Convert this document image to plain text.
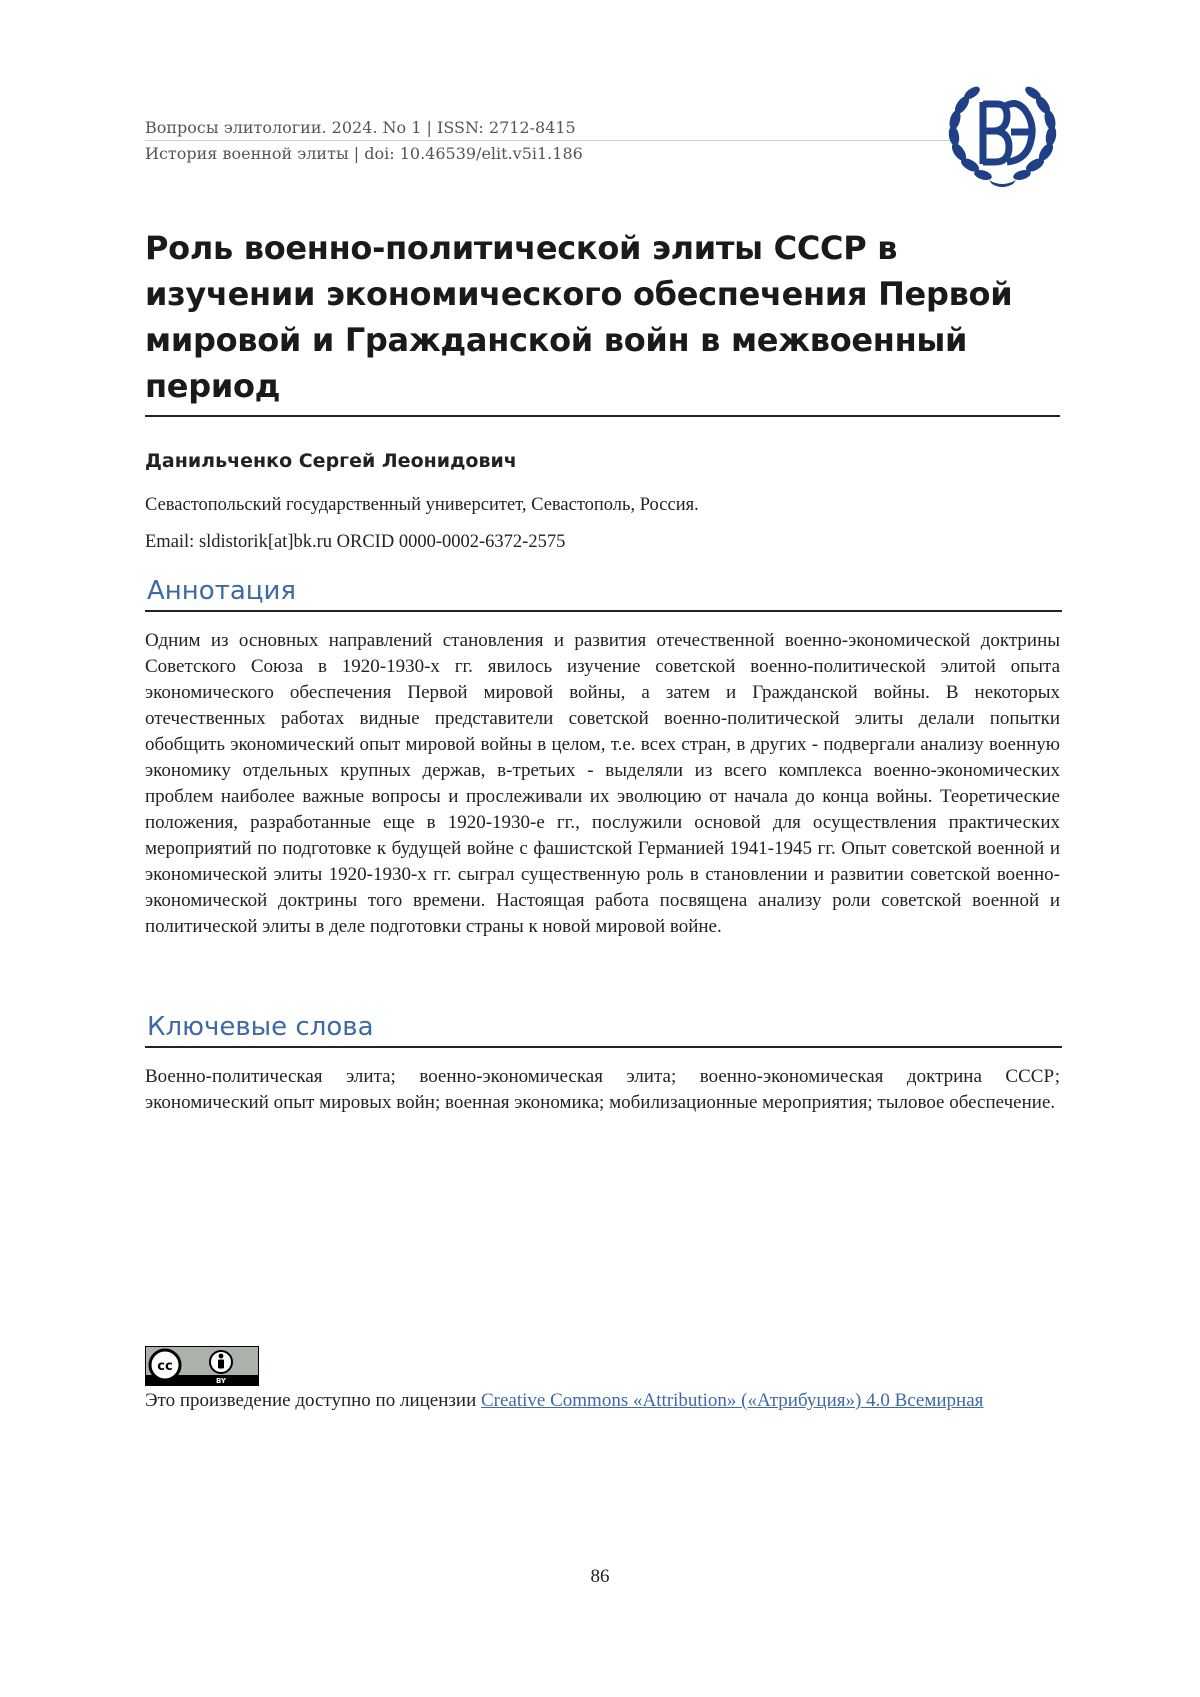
Вопросы элитологии. 2024. No 1 | ISSN: 2712-8415
История военной элиты | doi: 10.46539/elit.v5i1.186
Роль военно-политической элиты СССР в изучении экономического обеспечения Первой мировой и Гражданской войн в межвоенный период
Данильченко Сергей Леонидович
Севастопольский государственный университет, Севастополь, Россия.
Email: sldistorik[at]bk.ru ORCID 0000-0002-6372-2575
Аннотация
Одним из основных направлений становления и развития отечественной военно-экономической доктрины Советского Союза в 1920-1930-х гг. явилось изучение советской военно-политической элитой опыта экономического обеспечения Первой мировой войны, а затем и Гражданской войны. В некоторых отечественных работах видные представители советской военно-политической элиты делали попытки обобщить экономический опыт мировой войны в целом, т.е. всех стран, в других - подвергали анализу военную экономику отдельных крупных держав, в-третьих - выделяли из всего комплекса военно-экономических проблем наиболее важные вопросы и прослеживали их эволюцию от начала до конца войны. Теоретические положения, разработанные еще в 1920-1930-е гг., послужили основой для осуществления практических мероприятий по подготовке к будущей войне с фашистской Германией 1941-1945 гг. Опыт советской военной и экономической элиты 1920-1930-х гг. сыграл существенную роль в становлении и развитии советской военно-экономической доктрины того времени. Настоящая работа посвящена анализу роли советской военной и политической элиты в деле подготовки страны к новой мировой войне.
Ключевые слова
Военно-политическая элита; военно-экономическая элита; военно-экономическая доктрина СССР; экономический опыт мировых войн; военная экономика; мобилизационные мероприятия; тыловое обеспечение.
cc
BY
Это произведение доступно по лицензии Creative Commons «Attribution» («Атрибуция») 4.0 Всемирная
86
